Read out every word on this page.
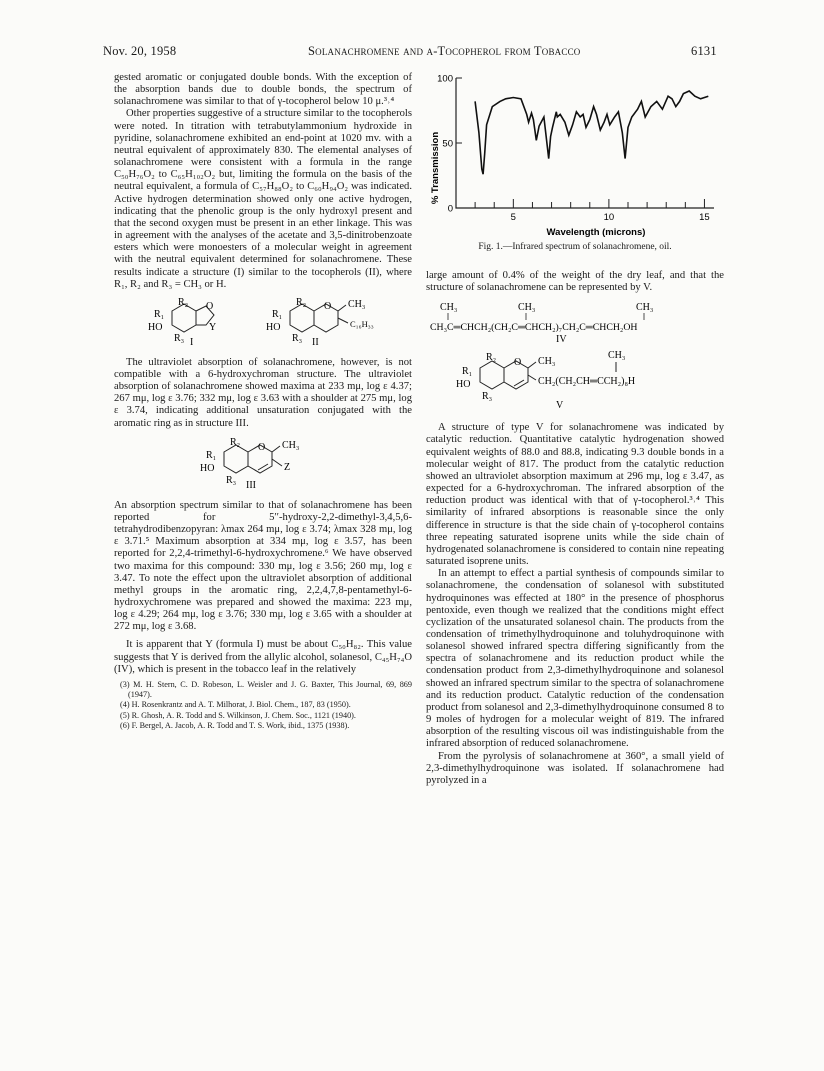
Nov. 20, 1958	Solanachromene and α-Tocopherol from Tobacco	6131

gested aromatic or conjugated double bonds. With the exception of the absorption bands due to double bonds, the spectrum of solanachromene was similar to that of γ-tocopherol below 10 μ.³˒⁴

Other properties suggestive of a structure similar to the tocopherols were noted. In titration with tetrabutylammonium hydroxide in pyridine, solanachromene exhibited an end-point at 1020 mv. with a neutral equivalent of approximately 830. The elemental analyses of solanachromene were consistent with a formula in the range C₅₀H₇₆O₂ to C₆₅H₁₀₂O₂ but, limiting the formula on the basis of the neutral equivalent, a formula of C₅₇H₈₈O₂ to C₆₀H₉₄O₂ was indicated. Active hydrogen determination showed only one active hydrogen, indicating that the phenolic group is the only hydroxyl present and that the second oxygen must be present in an ether linkage. This was in agreement with the analyses of the acetate and 3,5-dinitrobenzoate esters which were monoesters of a molecular weight in agreement with the neutral equivalent determined for solanachromene. These results indicate a structure (I) similar to the tocopherols (II), where R₁, R₂ and R₃ = CH₃ or H.

R₂
R₁
HO
R₃
O
Y
I
R₂
R₁
HO
R₃
O CH₃
C₁₆H₃₃
II

The ultraviolet absorption of solanachromene, however, is not compatible with a 6-hydroxychroman structure. The ultraviolet absorption of solanachromene showed maxima at 233 mμ, log ε 4.37; 267 mμ, log ε 3.76; 332 mμ, log ε 3.63 with a shoulder at 275 mμ, log ε 3.74, indicating additional unsaturation conjugated with the aromatic ring as in structure III.

R₂
R₁
HO
R₃
O CH₃
Z
III

An absorption spectrum similar to that of solanachromene has been reported for 5′′-hydroxy-2,2-dimethyl-3,4,5,6-tetrahydrodibenzopyran: λmax 264 mμ, log ε 3.74; λmax 328 mμ, log ε 3.71.⁵ Maximum absorption at 334 mμ, log ε 3.57, has been reported for 2,2,4-trimethyl-6-hydroxychromene.⁶ We have observed two maxima for this compound: 330 mμ, log ε 3.56; 260 mμ, log ε 3.47. To note the effect upon the ultraviolet absorption of additional methyl groups in the aromatic ring, 2,2,4,7,8-pentamethyl-6-hydroxychromene was prepared and showed the maxima: 223 mμ, log ε 4.29; 264 mμ, log ε 3.76; 330 mμ, log ε 3.65 with a shoulder at 272 mμ, log ε 3.68.

It is apparent that Y (formula I) must be about C₅₀H₈₂. This value suggests that Y is derived from the allylic alcohol, solanesol, C₄₅H₇₄O (IV), which is present in the tobacco leaf in the relatively

(3) M. H. Stern, C. D. Robeson, L. Weisler and J. G. Baxter, This Journal, 69, 869 (1947).
(4) H. Rosenkrantz and A. T. Milhorat, J. Biol. Chem., 187, 83 (1950).
(5) R. Ghosh, A. R. Todd and S. Wilkinson, J. Chem. Soc., 1121 (1940).
(6) F. Bergel, A. Jacob, A. R. Todd and T. S. Work, ibid., 1375 (1938).
5	10	15
0
50
100
% Transmission
Wavelength (microns)
Fig. 1.—Infrared spectrum of solanachromene, oil.

large amount of 0.4% of the weight of the dry leaf, and that the structure of solanachromene can be represented by V.

CH₃	CH₃	CH₃
CH₃C═CHCH₂(CH₂C═CHCH₂)₇CH₂C═CHCH₂OH
IV
R₂
R₁
HO
R₃
O CH₃
CH₃
CH₂(CH₂CH═CCH₂)₈H
V

A structure of type V for solanachromene was indicated by catalytic reduction. Quantitative catalytic hydrogenation showed equivalent weights of 88.0 and 88.8, indicating 9.3 double bonds in a molecular weight of 817. The product from the catalytic reduction showed an ultraviolet absorption maximum at 296 mμ, log ε 3.47, as expected for a 6-hydroxychroman. The infrared absorption of the reduction product was identical with that of γ-tocopherol.³˒⁴ This similarity of infrared absorptions is reasonable since the only difference in structure is that the side chain of γ-tocopherol contains three repeating saturated isoprene units while the side chain of hydrogenated solanachromene is considered to contain nine repeating saturated isoprene units.

In an attempt to effect a partial synthesis of compounds similar to solanachromene, the condensation of solanesol with substituted hydroquinones was effected at 180° in the presence of phosphorus pentoxide, even though we realized that the conditions might effect cyclization of the unsaturated solanesol chain. The products from the condensation of trimethylhydroquinone and toluhydroquinone with solanesol showed infrared spectra differing significantly from the spectra of solanachromene and its reduction product while the condensation product from 2,3-dimethylhydroquinone and solanesol showed an infrared spectrum similar to the spectra of solanachromene and its reduction product. Catalytic reduction of the condensation product from solanesol and 2,3-dimethylhydroquinone consumed 8 to 9 moles of hydrogen for a molecular weight of 819. The infrared absorption of the resulting viscous oil was indistinguishable from the infrared absorption of reduced solanachromene.

From the pyrolysis of solanachromene at 360°, a small yield of 2,3-dimethylhydroquinone was isolated. If solanachromene had pyrolyzed in a
